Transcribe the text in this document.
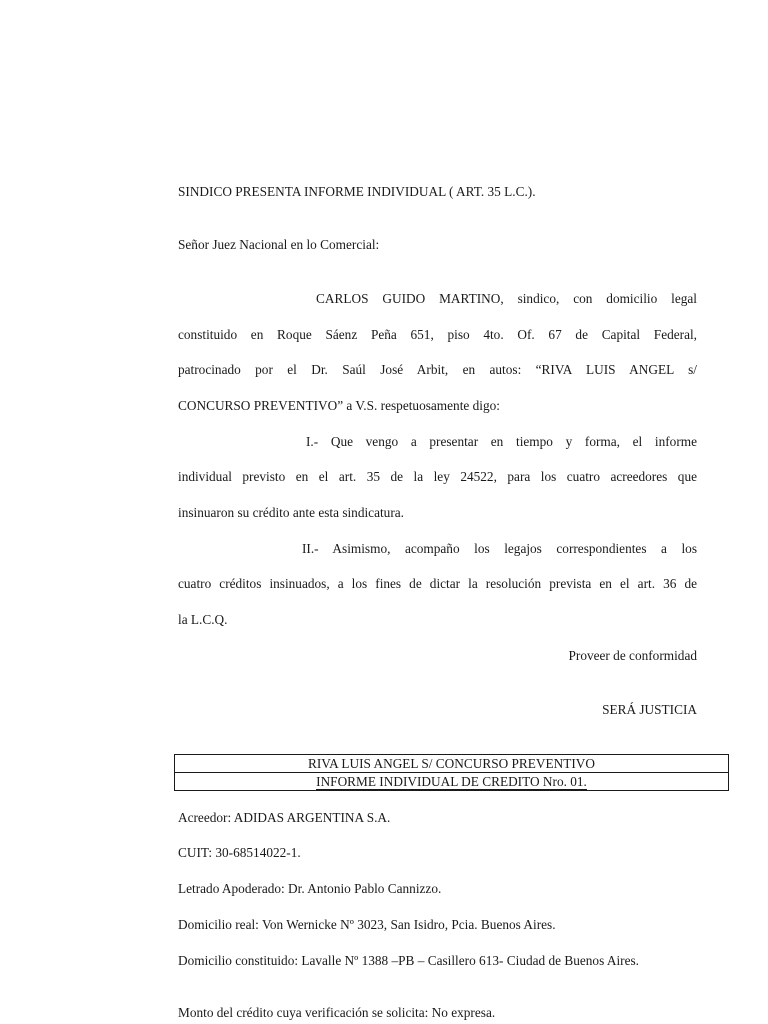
SINDICO PRESENTA INFORME INDIVIDUAL ( ART. 35 L.C.).
Señor Juez Nacional en lo Comercial:
CARLOS GUIDO MARTINO, sindico, con domicilio legal
constituido en Roque Sáenz Peña 651, piso 4to. Of. 67 de Capital Federal,
patrocinado por el Dr. Saúl José Arbit, en autos: “RIVA LUIS ANGEL s/
CONCURSO PREVENTIVO” a V.S. respetuosamente digo:
I.- Que vengo a presentar en tiempo y forma, el informe
individual previsto en el art. 35 de la ley 24522, para los cuatro acreedores que
insinuaron su crédito ante esta sindicatura.
II.- Asimismo, acompaño los legajos correspondientes a los
cuatro créditos insinuados, a los fines de dictar la resolución prevista en el art. 36 de
la L.C.Q.
Proveer de conformidad
SERÁ JUSTICIA
RIVA LUIS ANGEL S/ CONCURSO PREVENTIVO
INFORME INDIVIDUAL DE CREDITO Nro. 01.
Acreedor: ADIDAS ARGENTINA S.A.
CUIT: 30-68514022-1.
Letrado Apoderado: Dr. Antonio Pablo Cannizzo.
Domicilio real: Von Wernicke Nº 3023, San Isidro, Pcia. Buenos Aires.
Domicilio constituido: Lavalle Nº 1388 –PB – Casillero 613- Ciudad de Buenos Aires.
Monto del crédito cuya verificación se solicita: No expresa.
